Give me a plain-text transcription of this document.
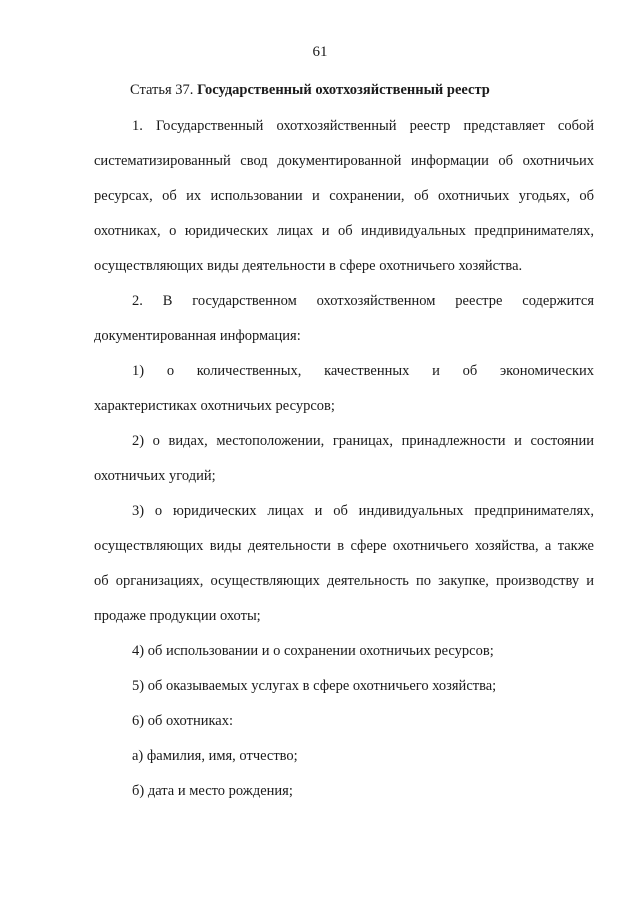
61
Статья 37. Государственный охотхозяйственный реестр
1. Государственный охотхозяйственный реестр представляет собой
систематизированный свод документированной информации об охотничьих
ресурсах, об их использовании и сохранении, об охотничьих угодьях, об
охотниках, о юридических лицах и об индивидуальных предпринимателях,
осуществляющих виды деятельности в сфере охотничьего хозяйства.
2. В государственном охотхозяйственном реестре содержится
документированная информация:
1) о количественных, качественных и об экономических
характеристиках охотничьих ресурсов;
2) о видах, местоположении, границах, принадлежности и состоянии
охотничьих угодий;
3) о юридических лицах и об индивидуальных предпринимателях,
осуществляющих виды деятельности в сфере охотничьего хозяйства, а также
об организациях, осуществляющих деятельность по закупке, производству и
продаже продукции охоты;
4) об использовании и о сохранении охотничьих ресурсов;
5) об оказываемых услугах в сфере охотничьего хозяйства;
6) об охотниках:
а) фамилия, имя, отчество;
б) дата и место рождения;
